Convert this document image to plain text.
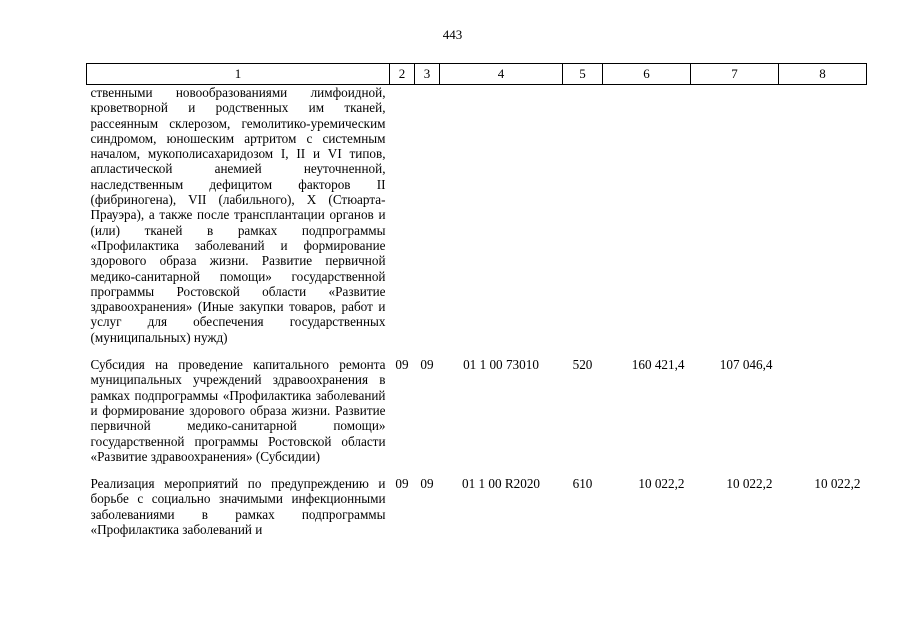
443
1	2	3	4	5	6	7	8

ственными новообразованиями лимфоидной, кроветворной и родственных им тканей, рассеянным склерозом, гемолитико-уремическим синдромом, юношеским артритом с системным началом, мукополисахаридозом I, II и VI типов, апластической анемией неуточненной, наследственным дефицитом факторов II (фибриногена), VII (лабильного), X (Стюарта-Прауэра), а также после трансплантации органов и (или) тканей в рамках подпрограммы «Профилактика заболеваний и формирование здорового образа жизни. Развитие первичной медико-санитарной помощи» государственной программы Ростовской области «Развитие здравоохранения» (Иные закупки товаров, работ и услуг для обеспечения государственных (муниципальных) нужд)							

Субсидия на проведение капитального ремонта муниципальных учреждений здравоохранения в рамках подпрограммы «Профилактика заболеваний и формирование здорового образа жизни. Развитие первичной медико-санитарной помощи» государственной программы Ростовской области «Развитие здравоохранения» (Субсидии)	09	09	01 1 00 73010	520	160 421,4	107 046,4	

Реализация мероприятий по предупреждению и борьбе с социально значимыми инфекционными заболеваниями в рамках подпрограммы «Профилактика заболеваний и	09	09	01 1 00 R2020	610	10 022,2	10 022,2	10 022,2
